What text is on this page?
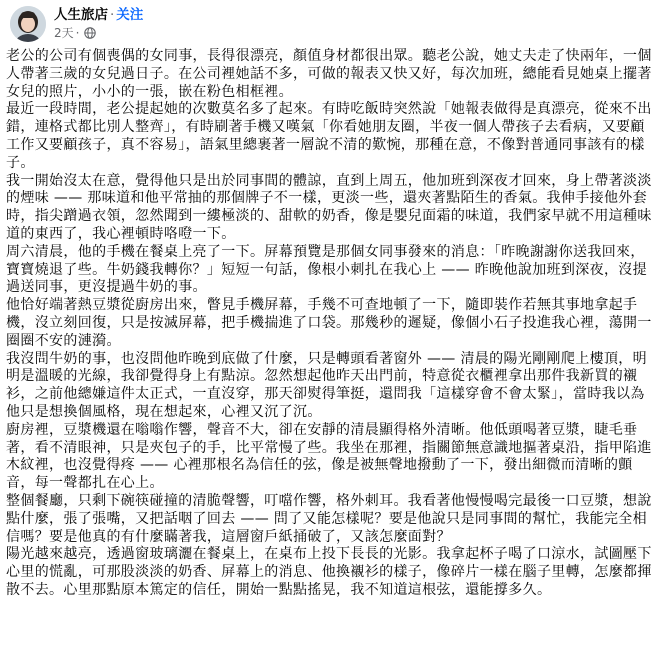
人生旅店 · 关注
2天 ·

老公的公司有個喪偶的女同事，長得很漂亮，顏值身材都很出眾。聽老公說，她丈夫走了快兩年，一個人帶著三歲的女兒過日子。在公司裡她話不多，可做的報表又快又好，每次加班，總能看見她桌上擺著女兒的照片，小小的一張，嵌在粉色相框裡。

最近一段時間，老公提起她的次數莫名多了起來。有時吃飯時突然說「她報表做得是真漂亮，從來不出錯，連格式都比別人整齊」，有時刷著手機又嘆氣「你看她朋友圈，半夜一個人帶孩子去看病，又要顧工作又要顧孩子，真不容易」，語氣里總裹著一層說不清的歎惋，那種在意，不像對普通同事該有的樣子。

我一開始沒太在意，覺得他只是出於同事間的體諒，直到上周五，他加班到深夜才回來，身上帶著淡淡的煙味 —— 那味道和他平常抽的那個牌子不一樣，更淡一些，還夾著點陌生的香氣。我伸手接他外套時，指尖蹭過衣領，忽然聞到一縷極淡的、甜軟的奶香，像是嬰兒面霜的味道，我們家早就不用這種味道的東西了，我心裡頓時咯噔一下。

周六清晨，他的手機在餐桌上亮了一下。屏幕預覽是那個女同事發來的消息：「昨晚謝謝你送我回來，寶寶燒退了些。牛奶錢我轉你？」短短一句話，像根小刺扎在我心上 —— 昨晚他說加班到深夜，沒提過送同事，更沒提過牛奶的事。

他恰好端著熱豆漿從廚房出來，瞥見手機屏幕，手幾不可查地頓了一下，隨即裝作若無其事地拿起手機，沒立刻回復，只是按滅屏幕，把手機揣進了口袋。那幾秒的遲疑，像個小石子投進我心裡，蕩開一圈圈不安的漣漪。

我沒問牛奶的事，也沒問他昨晚到底做了什麼，只是轉頭看著窗外 —— 清晨的陽光剛剛爬上樓頂，明明是溫暖的光線，我卻覺得身上有點涼。忽然想起他昨天出門前，特意從衣櫃裡拿出那件我新買的襯衫，之前他總嫌這件太正式，一直沒穿，那天卻熨得筆挺，還問我「這樣穿會不會太緊」，當時我以為他只是想換個風格，現在想起來，心裡又沉了沉。

廚房裡，豆漿機還在嗡嗡作響，聲音不大，卻在安靜的清晨顯得格外清晰。他低頭喝著豆漿，睫毛垂著，看不清眼神，只是夾包子的手，比平常慢了些。我坐在那裡，指關節無意識地摳著桌沿，指甲陷進木紋裡，也沒覺得疼 —— 心裡那根名為信任的弦，像是被無聲地撥動了一下，發出細微而清晰的顫音，每一聲都扎在心上。

整個餐廳，只剩下碗筷碰撞的清脆聲響，叮噹作響，格外刺耳。我看著他慢慢喝完最後一口豆漿，想說點什麼，張了張嘴，又把話咽了回去 —— 問了又能怎樣呢？要是他說只是同事間的幫忙，我能完全相信嗎？要是他真的有什麼瞞著我，這層窗戶紙捅破了，又該怎麼面對？

陽光越來越亮，透過窗玻璃灑在餐桌上，在桌布上投下長長的光影。我拿起杯子喝了口涼水，試圖壓下心里的慌亂，可那股淡淡的奶香、屏幕上的消息、他換襯衫的樣子，像碎片一樣在腦子里轉，怎麼都揮散不去。心里那點原本篤定的信任，開始一點點搖晃，我不知道這根弦，還能撐多久。
